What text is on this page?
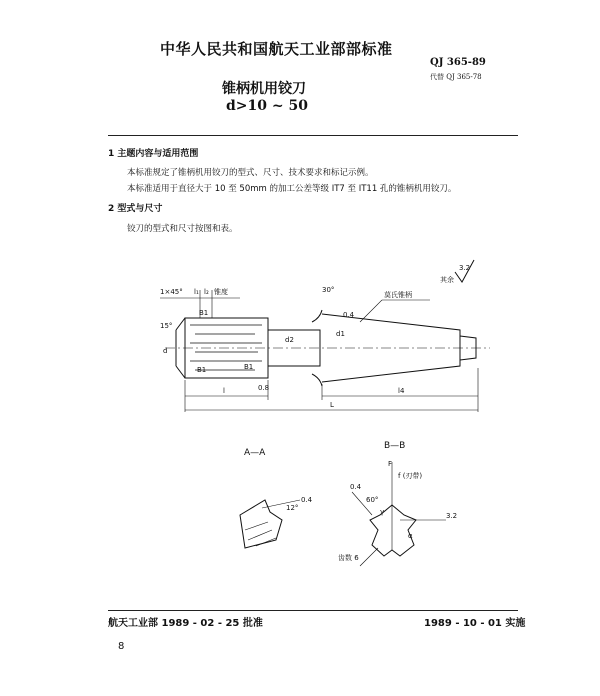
中华人民共和国航天工业部部标准
QJ 365-89
代替 QJ 365-78
锥柄机用铰刀
d>10 ~ 50
1 主题内容与适用范围
本标准规定了锥柄机用铰刀的型式、尺寸、技术要求和标记示例。
本标准适用于直径大于 10 至 50mm 的加工公差等级 IT7 至 IT11 孔的锥柄机用铰刀。
2 型式与尺寸
铰刀的型式和尺寸按图和表。
其余
3.2
1×45° l₁ l₂ 锥度	30°
莫氏锥柄
0.4
15°
B1
B1	B1
d
d2
d1
l	l4
L
0.8
A—A
B—B
12°
0.4
F
f (刃带)
60°
0.4
γ
α
3.2
齿数 6
航天工业部 1989 - 02 - 25 批准	1989 - 10 - 01 实施
8
